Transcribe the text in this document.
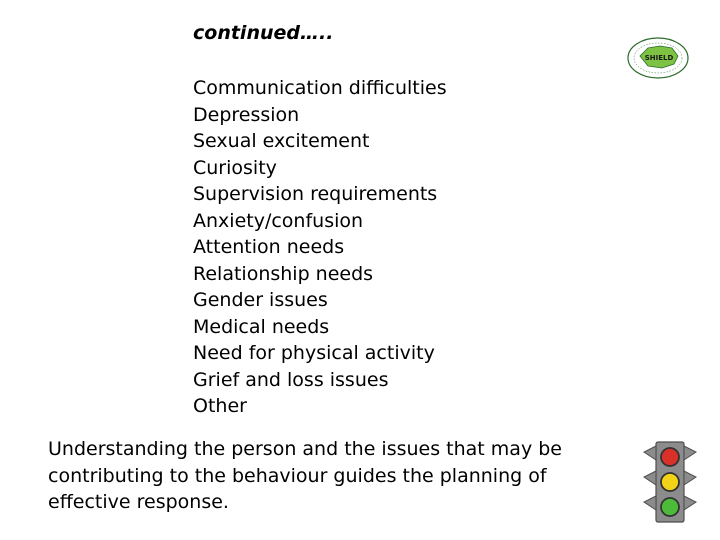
continued…..

Communication difficulties
Depression
Sexual excitement
Curiosity
Supervision requirements
Anxiety/confusion
Attention needs
Relationship needs
Gender issues
Medical needs
Need for physical activity
Grief and loss issues
Other

Understanding the person and the issues that may be contributing to the behaviour guides the planning of effective response.

SHIELD
